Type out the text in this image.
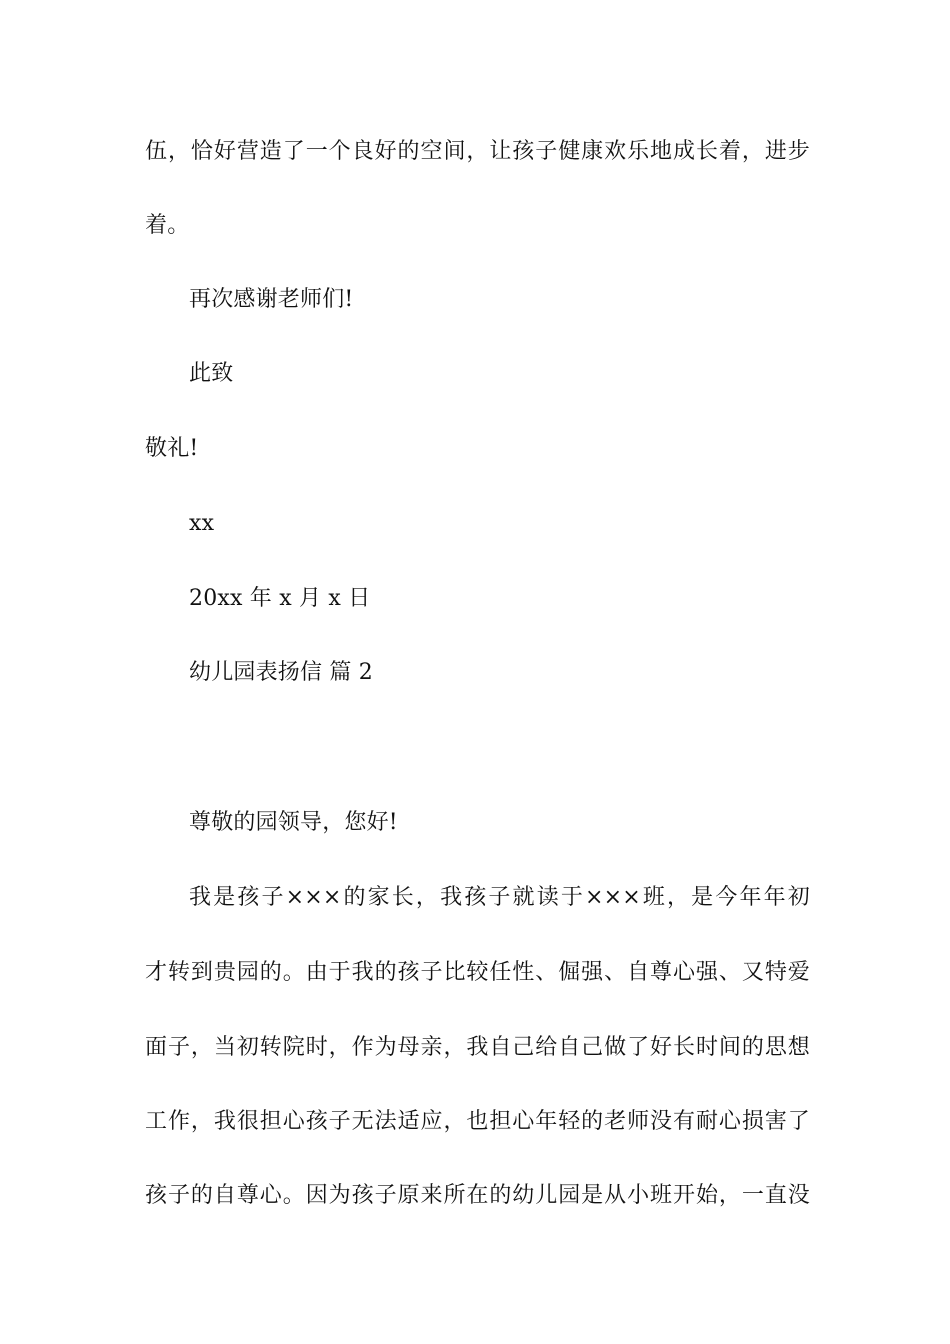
伍，恰好营造了一个良好的空间，让孩子健康欢乐地成长着，进步
着。
再次感谢老师们!
此致
敬礼!
xx
20xx 年 x 月 x 日
幼儿园表扬信 篇 2
尊敬的园领导，您好!
我是孩子×××的家长，我孩子就读于×××班，是今年年初
才转到贵园的。由于我的孩子比较任性、倔强、自尊心强、又特爱
面子，当初转院时，作为母亲，我自己给自己做了好长时间的思想
工作，我很担心孩子无法适应，也担心年轻的老师没有耐心损害了
孩子的自尊心。因为孩子原来所在的幼儿园是从小班开始，一直没
